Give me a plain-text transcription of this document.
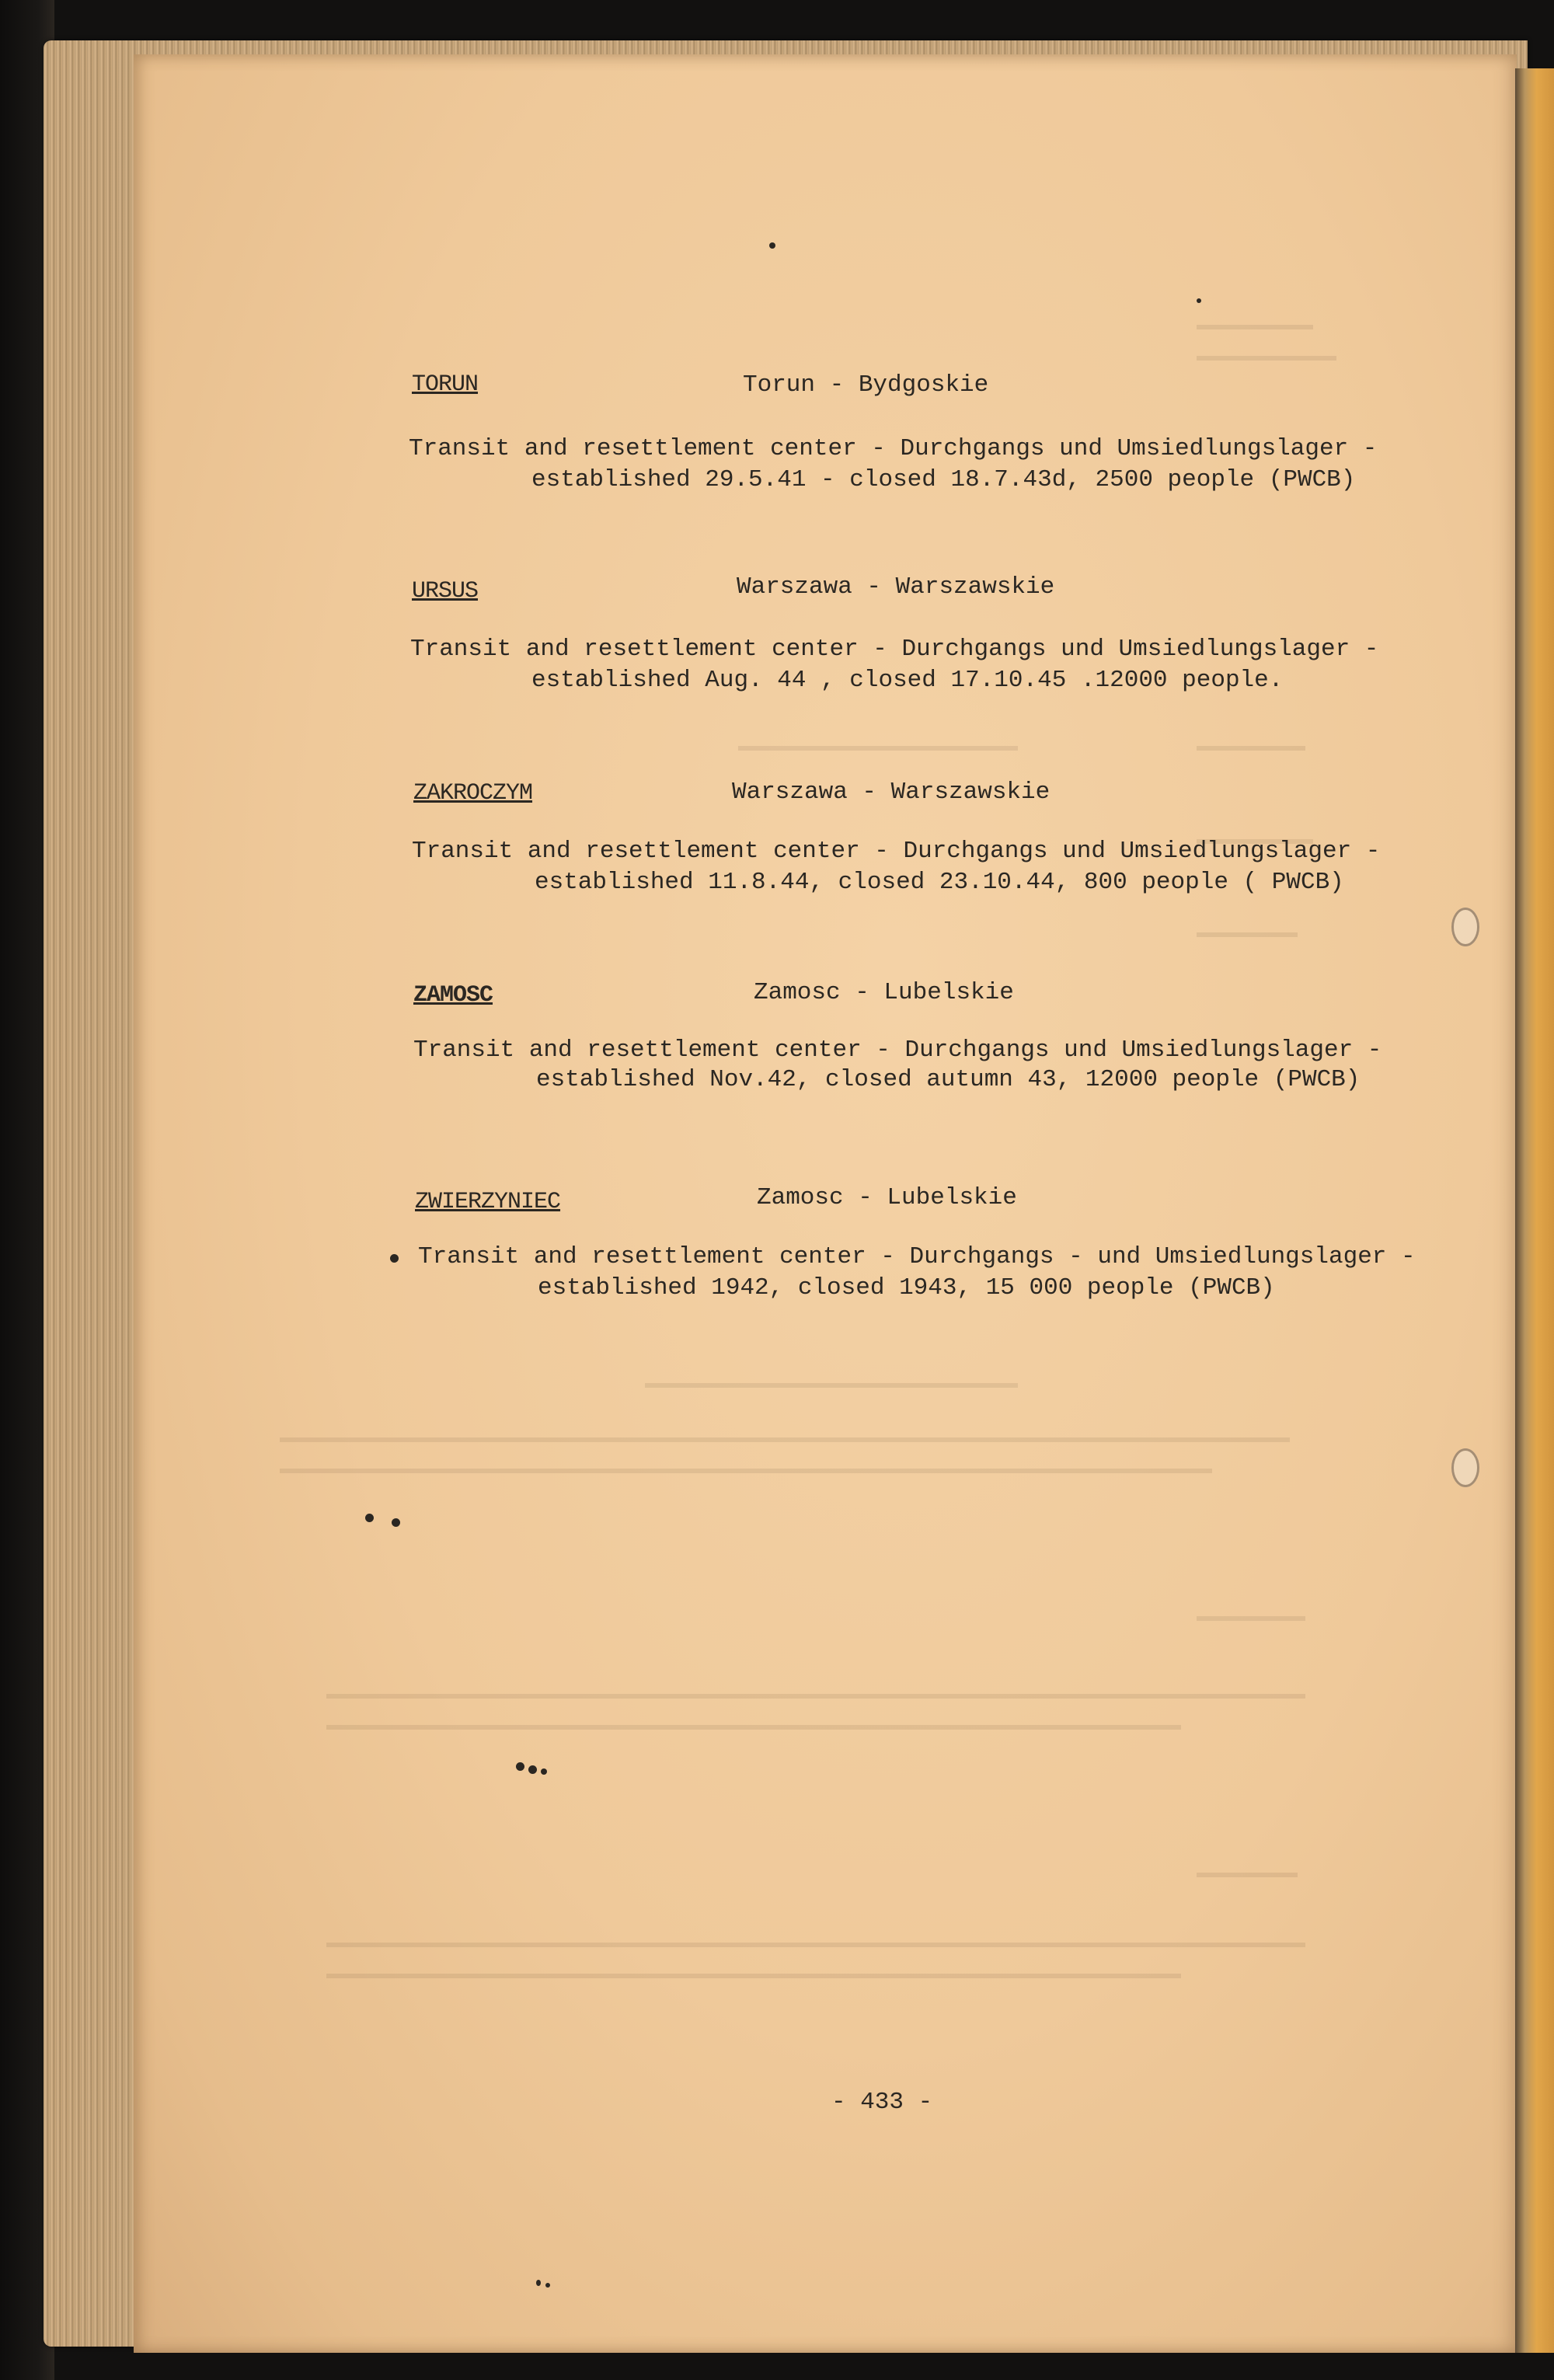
TORUN	Torun - Bydgoskie
Transit and resettlement center - Durchgangs und Umsiedlungslager -
established 29.5.41 - closed 18.7.43d, 2500 people (PWCB)
URSUS	Warszawa - Warszawskie
Transit and resettlement center - Durchgangs und Umsiedlungslager -
established Aug. 44 , closed 17.10.45 .12000 people.
ZAKROCZYM	Warszawa - Warszawskie
Transit and resettlement center - Durchgangs und Umsiedlungslager -
established 11.8.44, closed 23.10.44, 800 people ( PWCB)
ZAMOSC	Zamosc - Lubelskie
Transit and resettlement center - Durchgangs und Umsiedlungslager -
established Nov.42, closed autumn 43, 12000 people (PWCB)
ZWIERZYNIEC	Zamosc - Lubelskie
Transit and resettlement center - Durchgangs - und Umsiedlungslager -
established 1942, closed 1943, 15 000 people (PWCB)
- 433 -
